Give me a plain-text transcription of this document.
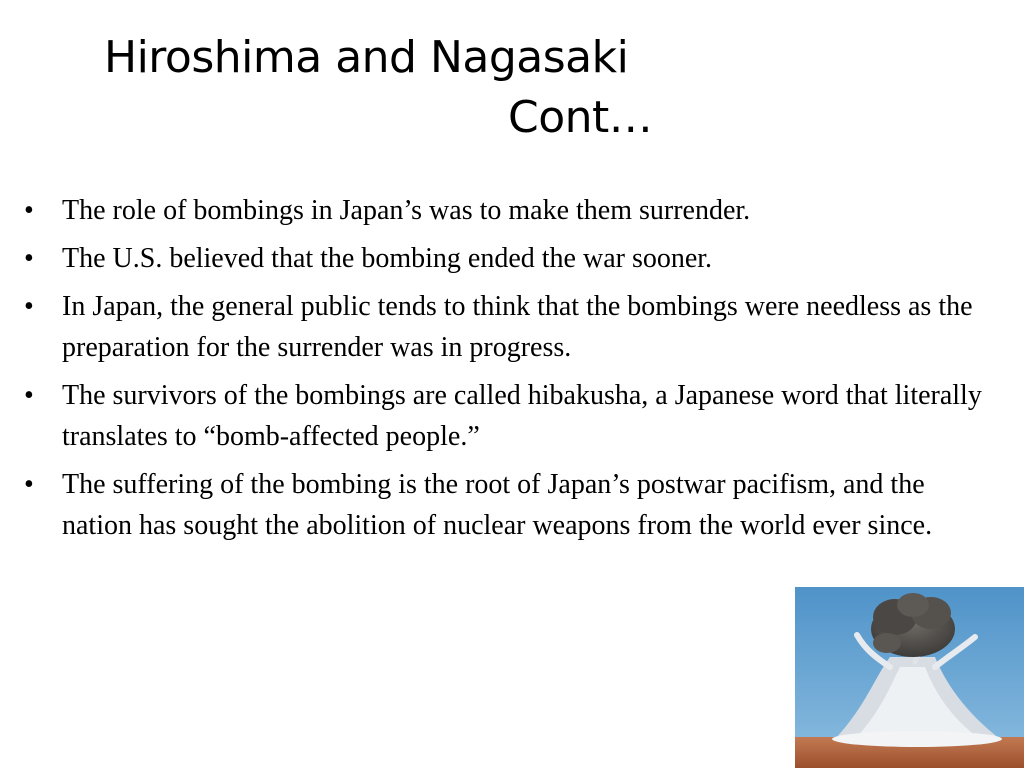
Hiroshima and Nagasaki
Cont…
• The role of bombings in Japan’s was to make them surrender.
• The U.S. believed that the bombing ended the war sooner.
• In Japan, the general public tends to think that the bombings were needless as the preparation for the surrender was in progress.
• The survivors of the bombings are called hibakusha, a Japanese word that literally translates to “bomb-affected people.”
• The suffering of the bombing is the root of Japan’s postwar pacifism, and the nation has sought the abolition of nuclear weapons from the world ever since.
